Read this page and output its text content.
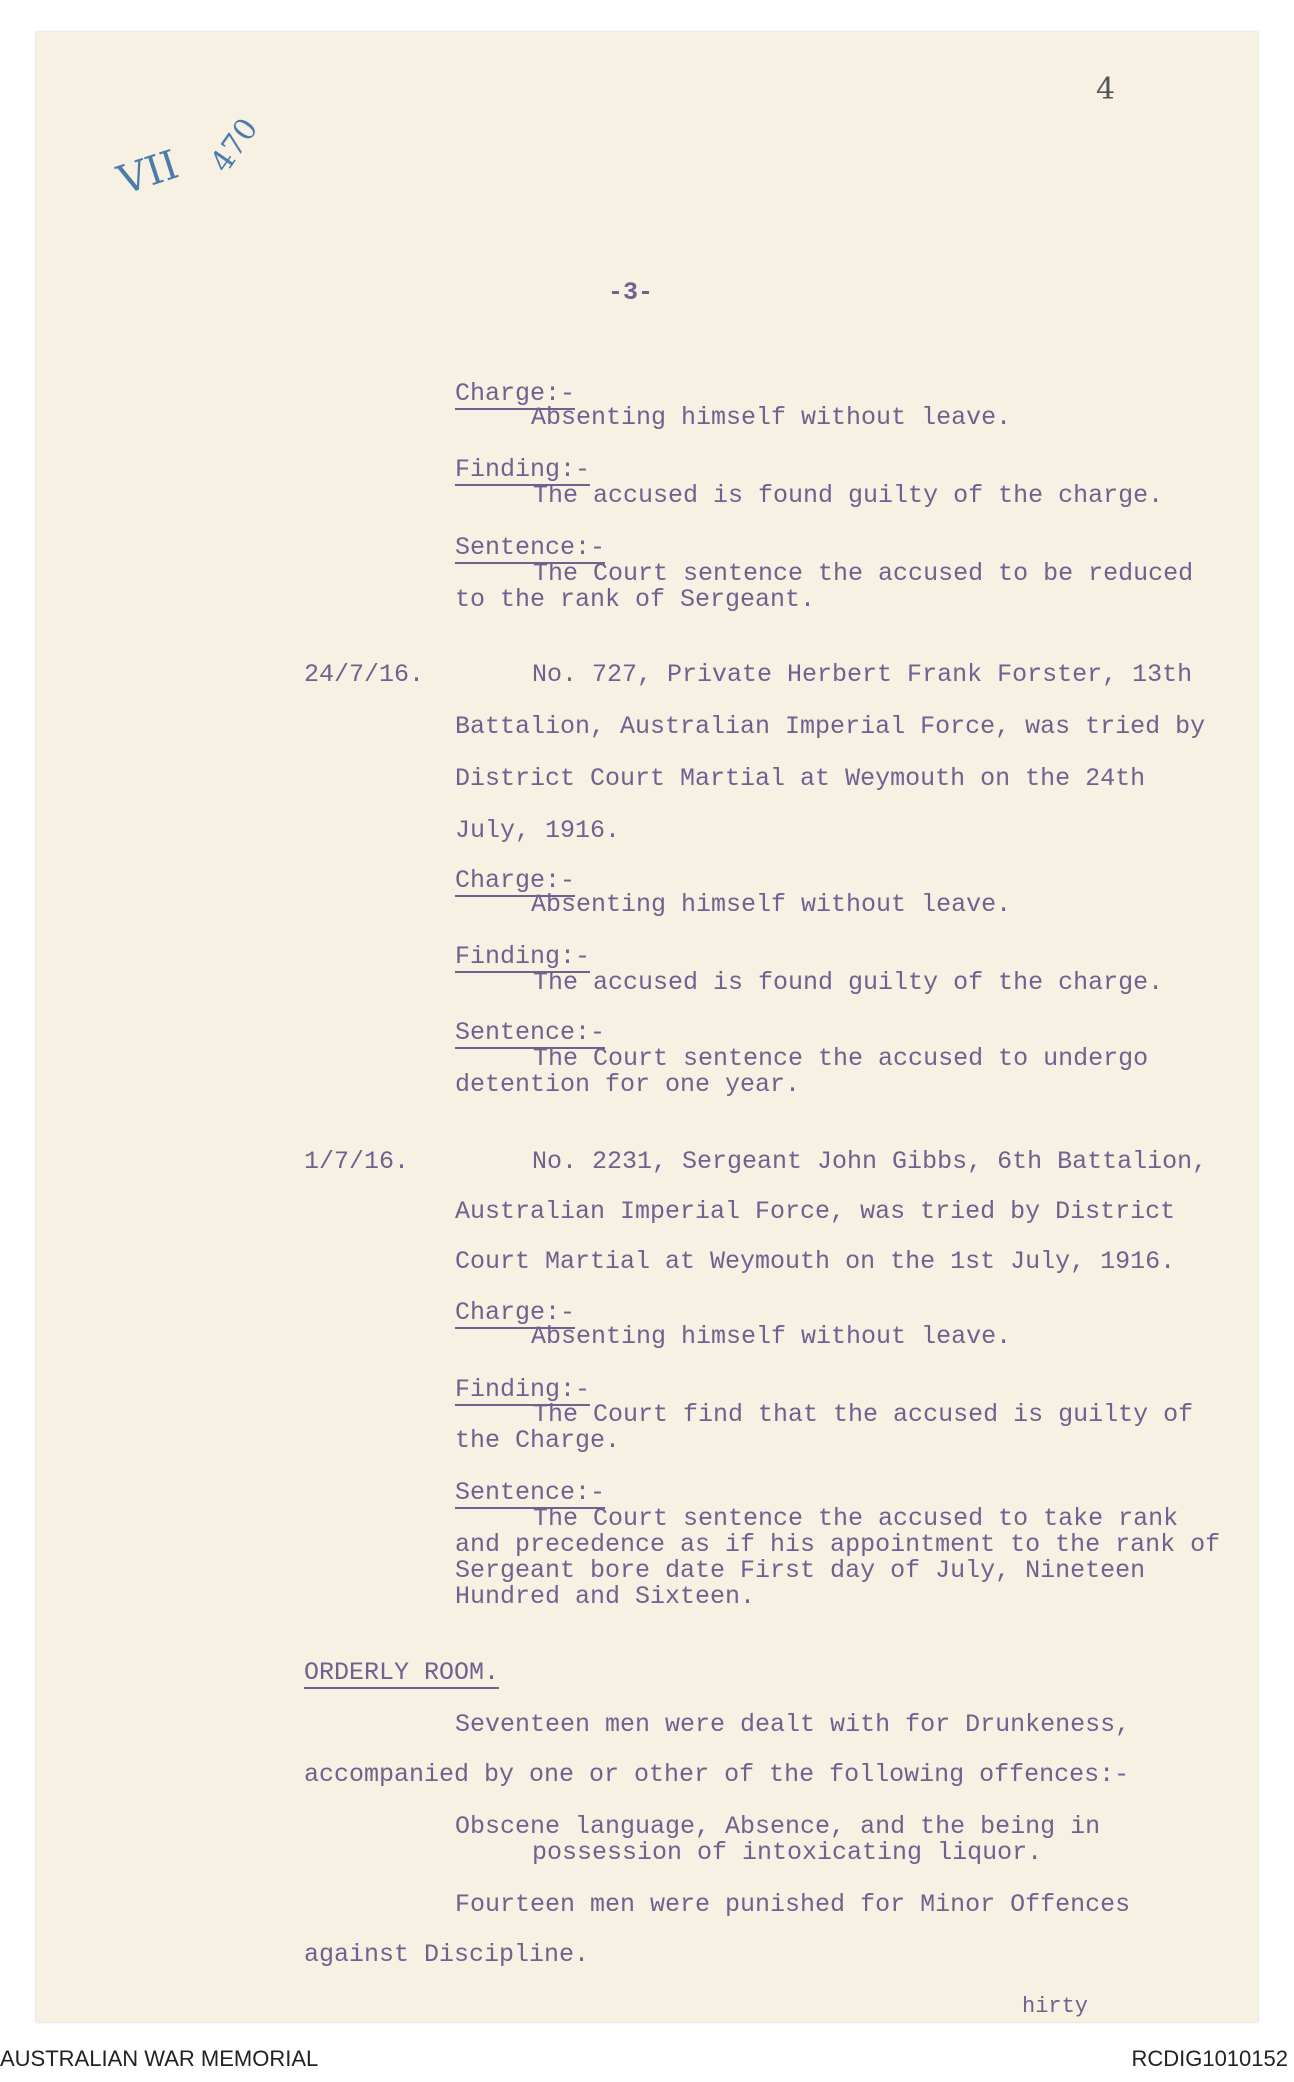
VII 470
4
-3-
Charge:-
Absenting himself without leave.
Finding:-
The accused is found guilty of the charge.
Sentence:-
The Court sentence the accused to be reduced
to the rank of Sergeant.
24/7/16.	No. 727, Private Herbert Frank Forster, 13th
Battalion, Australian Imperial Force, was tried by
District Court Martial at Weymouth on the 24th
July, 1916.
Charge:-
Absenting himself without leave.
Finding:-
The accused is found guilty of the charge.
Sentence:-
The Court sentence the accused to undergo
detention for one year.
1/7/16.	No. 2231, Sergeant John Gibbs, 6th Battalion,
Australian Imperial Force, was tried by District
Court Martial at Weymouth on the 1st July, 1916.
Charge:-
Absenting himself without leave.
Finding:-
The Court find that the accused is guilty of
the Charge.
Sentence:-
The Court sentence the accused to take rank
and precedence as if his appointment to the rank of
Sergeant bore date First day of July, Nineteen
Hundred and Sixteen.
ORDERLY ROOM.
Seventeen men were dealt with for Drunkeness,
accompanied by one or other of the following offences:-
Obscene language, Absence, and the being in
possession of intoxicating liquor.
Fourteen men were punished for Minor Offences
against Discipline.
hirty
AUSTRALIAN WAR MEMORIAL	RCDIG1010152
